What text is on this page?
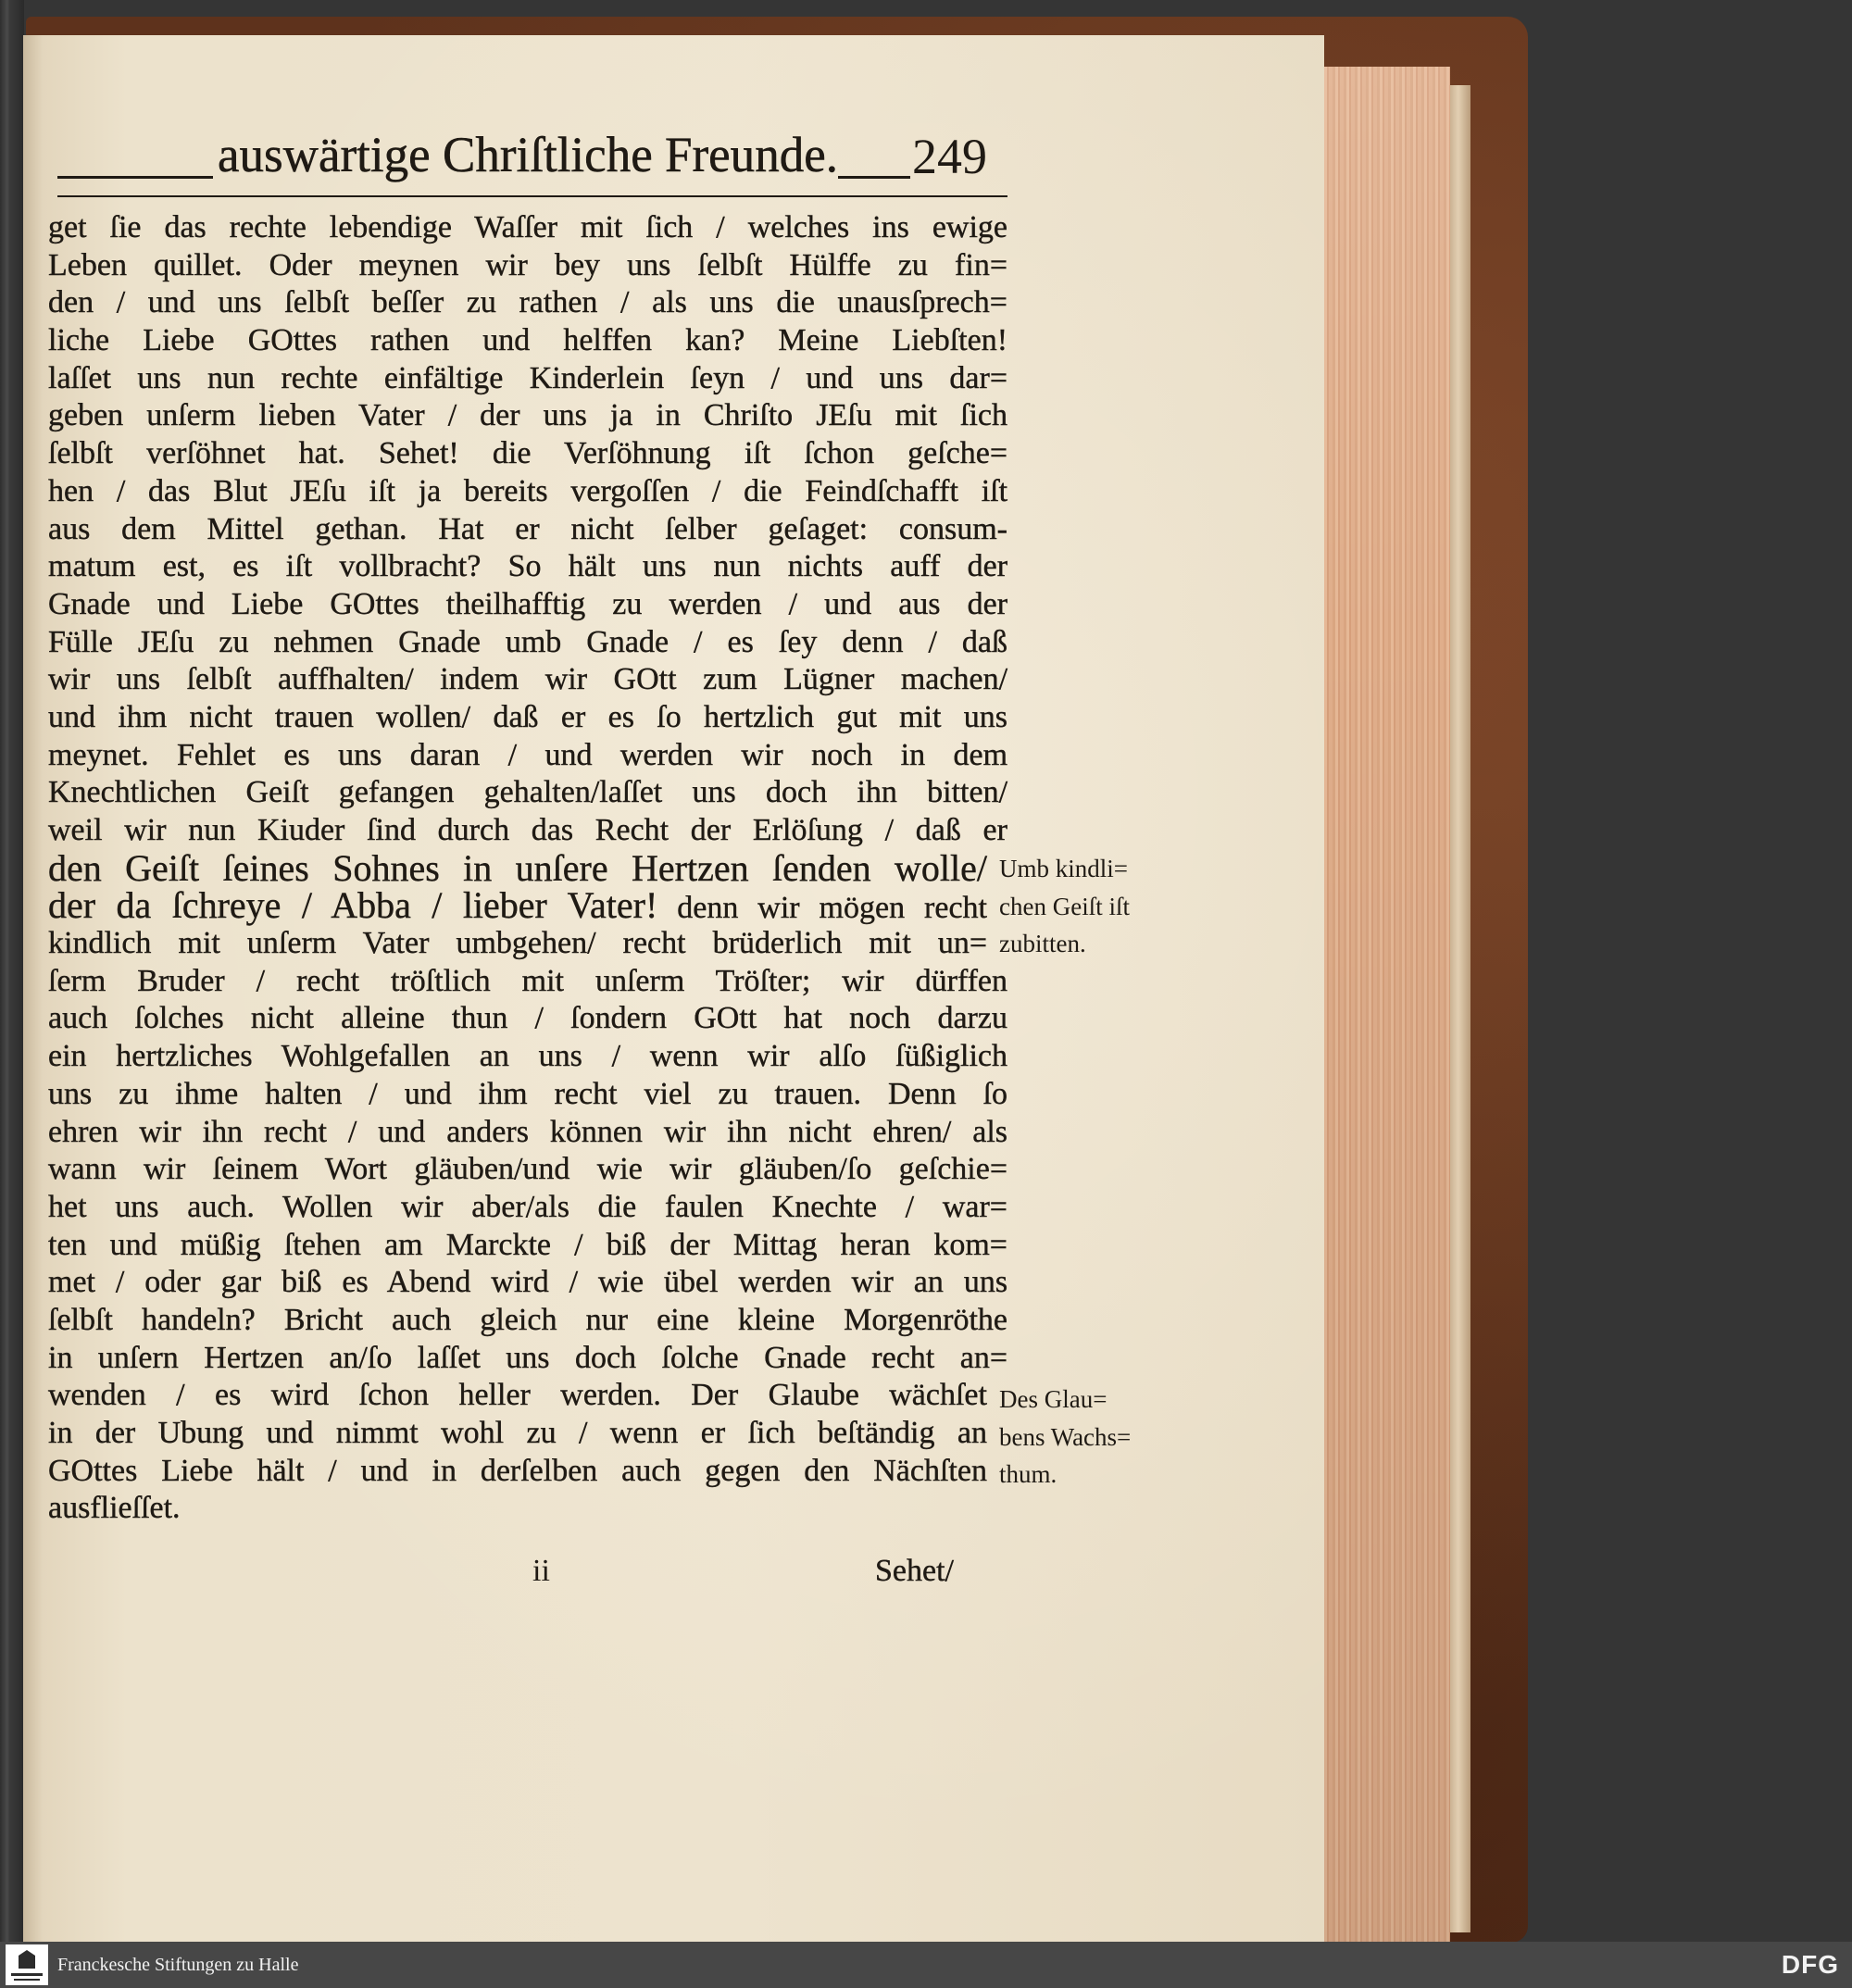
auswärtige Chriſtliche Freunde. 249
get ſie das rechte lebendige Waſſer mit ſich / welches ins ewige
Leben quillet. Oder meynen wir bey uns ſelbſt Hülffe zu fin=
den / und uns ſelbſt beſſer zu rathen / als uns die unausſprech=
liche Liebe GOttes rathen und helffen kan? Meine Liebſten!
laſſet uns nun rechte einfältige Kinderlein ſeyn / und uns dar=
geben unſerm lieben Vater / der uns ja in Chriſto JEſu mit ſich
ſelbſt verſöhnet hat. Sehet! die Verſöhnung iſt ſchon geſche=
hen / das Blut JEſu iſt ja bereits vergoſſen / die Feindſchafft iſt
aus dem Mittel gethan. Hat er nicht ſelber geſaget: consum-
matum est, es iſt vollbracht? So hält uns nun nichts auff der
Gnade und Liebe GOttes theilhafftig zu werden / und aus der
Fülle JEſu zu nehmen Gnade umb Gnade / es ſey denn / daß
wir uns ſelbſt auffhalten/ indem wir GOtt zum Lügner machen/
und ihm nicht trauen wollen/ daß er es ſo hertzlich gut mit uns
meynet. Fehlet es uns daran / und werden wir noch in dem
Knechtlichen Geiſt gefangen gehalten/laſſet uns doch ihn bitten/
weil wir nun Kiuder ſind durch das Recht der Erlöſung / daß er
den Geiſt ſeines Sohnes in unſere Hertzen ſenden wolle/
der da ſchreye / Abba / lieber Vater! denn wir mögen recht
kindlich mit unſerm Vater umbgehen/ recht brüderlich mit un=
ſerm Bruder / recht tröſtlich mit unſerm Tröſter; wir dürffen
auch ſolches nicht alleine thun / ſondern GOtt hat noch darzu
ein hertzliches Wohlgefallen an uns / wenn wir alſo ſüßiglich
uns zu ihme halten / und ihm recht viel zu trauen. Denn ſo
ehren wir ihn recht / und anders können wir ihn nicht ehren/ als
wann wir ſeinem Wort gläuben/und wie wir gläuben/ſo geſchie=
het uns auch. Wollen wir aber/als die faulen Knechte / war=
ten und müßig ſtehen am Marckte / biß der Mittag heran kom=
met / oder gar biß es Abend wird / wie übel werden wir an uns
ſelbſt handeln? Bricht auch gleich nur eine kleine Morgenröthe
in unſern Hertzen an/ſo laſſet uns doch ſolche Gnade recht an=
wenden / es wird ſchon heller werden. Der Glaube wächſet
in der Ubung und nimmt wohl zu / wenn er ſich beſtändig an
GOttes Liebe hält / und in derſelben auch gegen den Nächſten
ausflieſſet.
Umb kindli=
chen Geiſt iſt
zubitten.
Des Glau=
bens Wachs=
thum.
ii	Sehet/
Franckesche Stiftungen zu Halle	DFG
